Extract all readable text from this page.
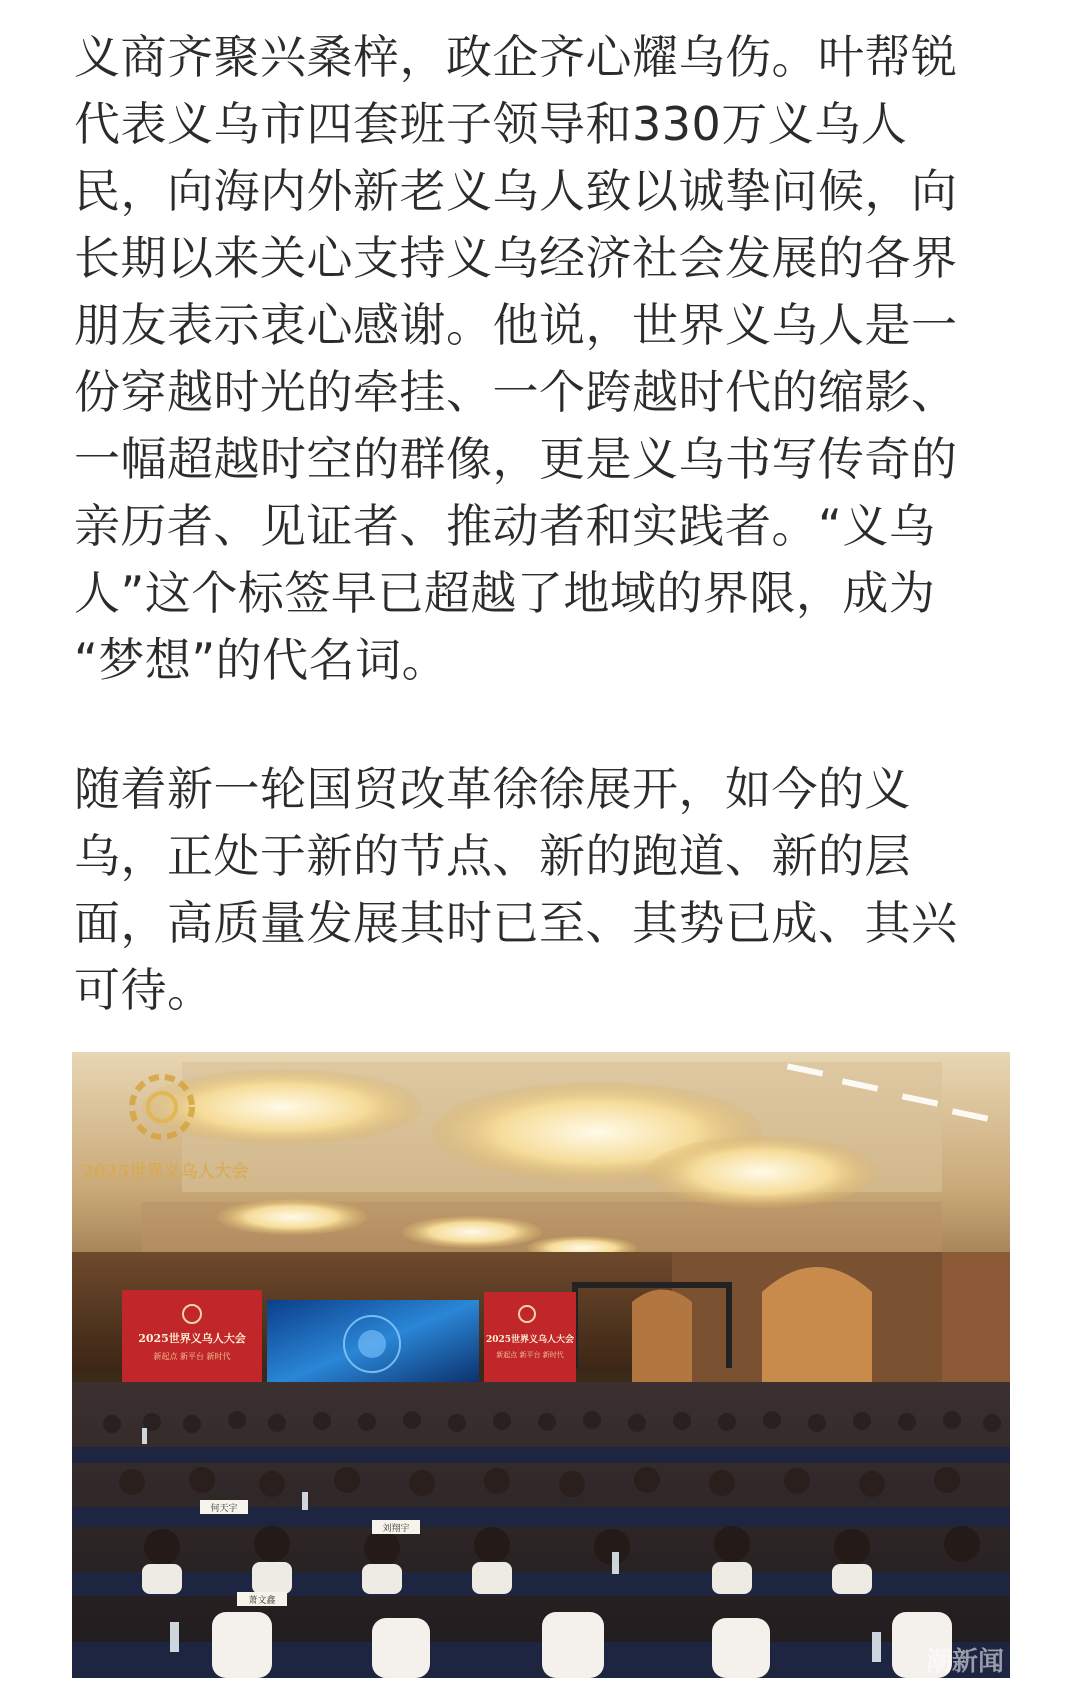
义商齐聚兴桑梓，政企齐心耀乌伤。叶帮锐
代表义乌市四套班子领导和330万义乌人
民，向海内外新老义乌人致以诚挚问候，向
长期以来关心支持义乌经济社会发展的各界
朋友表示衷心感谢。他说，世界义乌人是一
份穿越时光的牵挂、一个跨越时代的缩影、
一幅超越时空的群像，更是义乌书写传奇的
亲历者、见证者、推动者和实践者。“义乌
人”这个标签早已超越了地域的界限，成为
“梦想”的代名词。

随着新一轮国贸改革徐徐展开，如今的义
乌，正处于新的节点、新的跑道、新的层
面，高质量发展其时已至、其势已成、其兴
可待。

何天宇
萧文鑫
刘翔宇
2025世界义乌人大会
2025世界义乌人大会
新起点 新平台 新时代
2025世界义乌人大会
新起点 新平台 新时代
潮新闻
